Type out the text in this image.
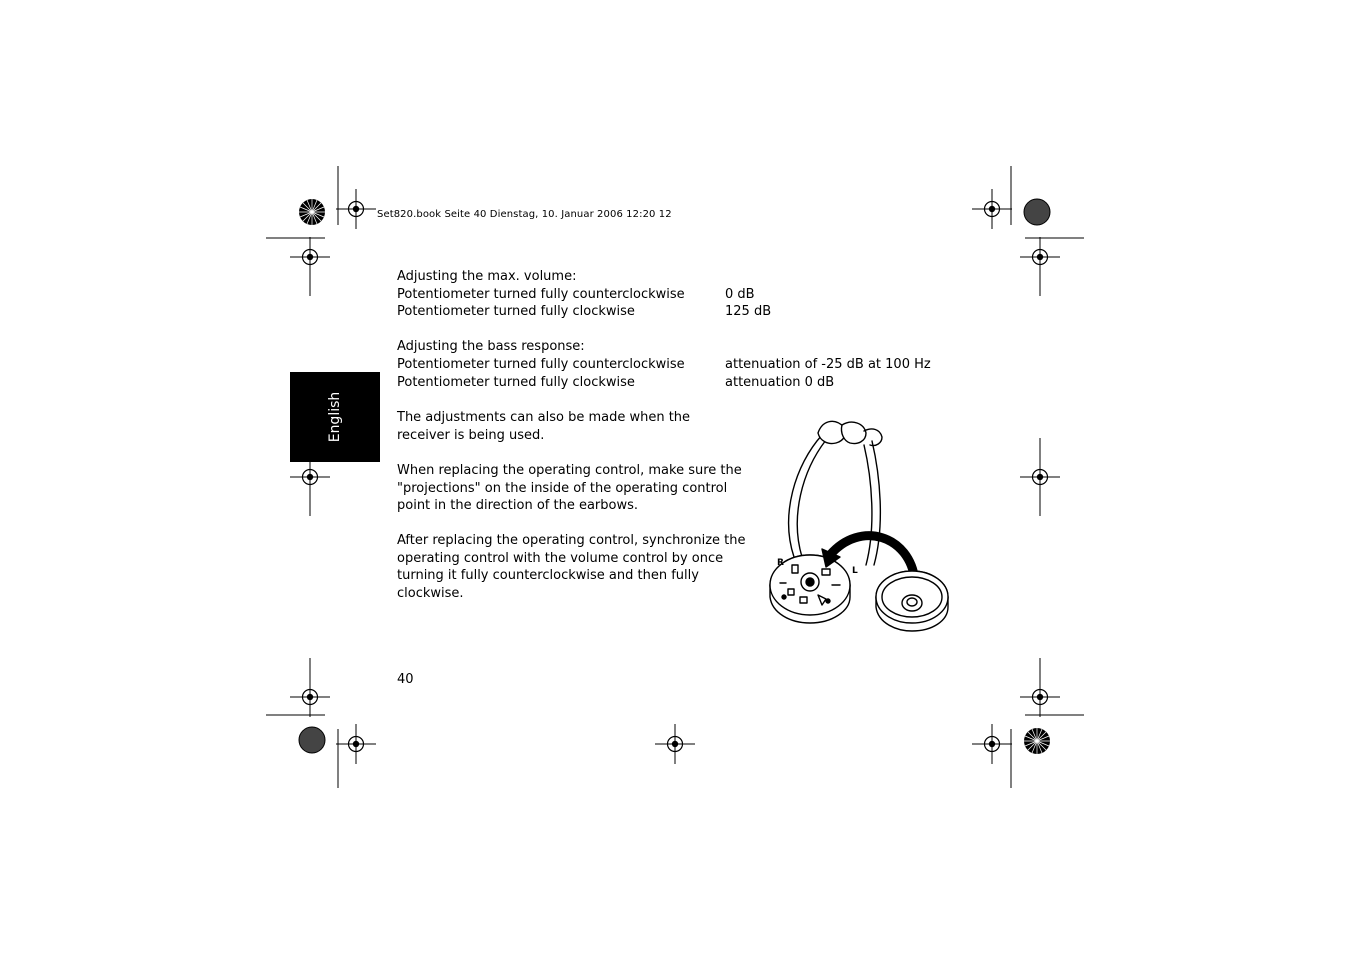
Set820.book Seite 40 Dienstag, 10. Januar 2006 12:20 12
English
Adjusting the max. volume:
Potentiometer turned fully counterclockwise	0 dB
Potentiometer turned fully clockwise	125 dB
Adjusting the bass response:
Potentiometer turned fully counterclockwise	attenuation of -25 dB at 100 Hz
Potentiometer turned fully clockwise	attenuation 0 dB
The adjustments can also be made when the receiver is being used.
When replacing the operating control, make sure the "projections" on the inside of the operating control point in the direction of the earbows.
After replacing the operating control, synchronize the operating control with the volume control by once turning it fully counterclockwise and then fully clockwise.
R
L
40
